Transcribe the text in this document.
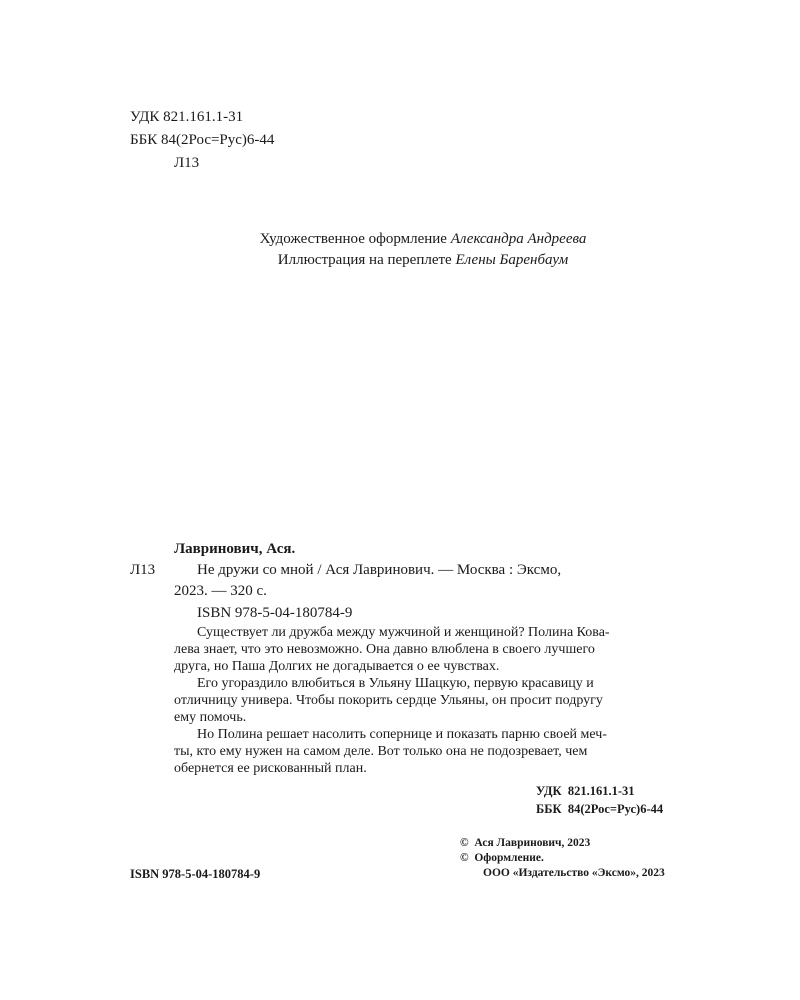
УДК 821.161.1-31
ББК 84(2Рос=Рус)6-44
Л13
Художественное оформление Александра Андреева
Иллюстрация на переплете Елены Баренбаум
Лавринович, Ася.
Л13	Не дружи со мной / Ася Лавринович. — Москва : Эксмо,
2023. — 320 с.
ISBN 978-5-04-180784-9
Существует ли дружба между мужчиной и женщиной? Полина Кова-
лева знает, что это невозможно. Она давно влюблена в своего лучшего
друга, но Паша Долгих не догадывается о ее чувствах.
Его угораздило влюбиться в Ульяну Шацкую, первую красавицу и
отличницу универа. Чтобы покорить сердце Ульяны, он просит подругу
ему помочь.
Но Полина решает насолить сопернице и показать парню своей меч-
ты, кто ему нужен на самом деле. Вот только она не подозревает, чем
обернется ее рискованный план.
УДК  821.161.1-31
ББК  84(2Рос=Рус)6-44
ISBN 978-5-04-180784-9
©  Ася Лавринович, 2023
©  Оформление.
ООО «Издательство «Эксмо», 2023
